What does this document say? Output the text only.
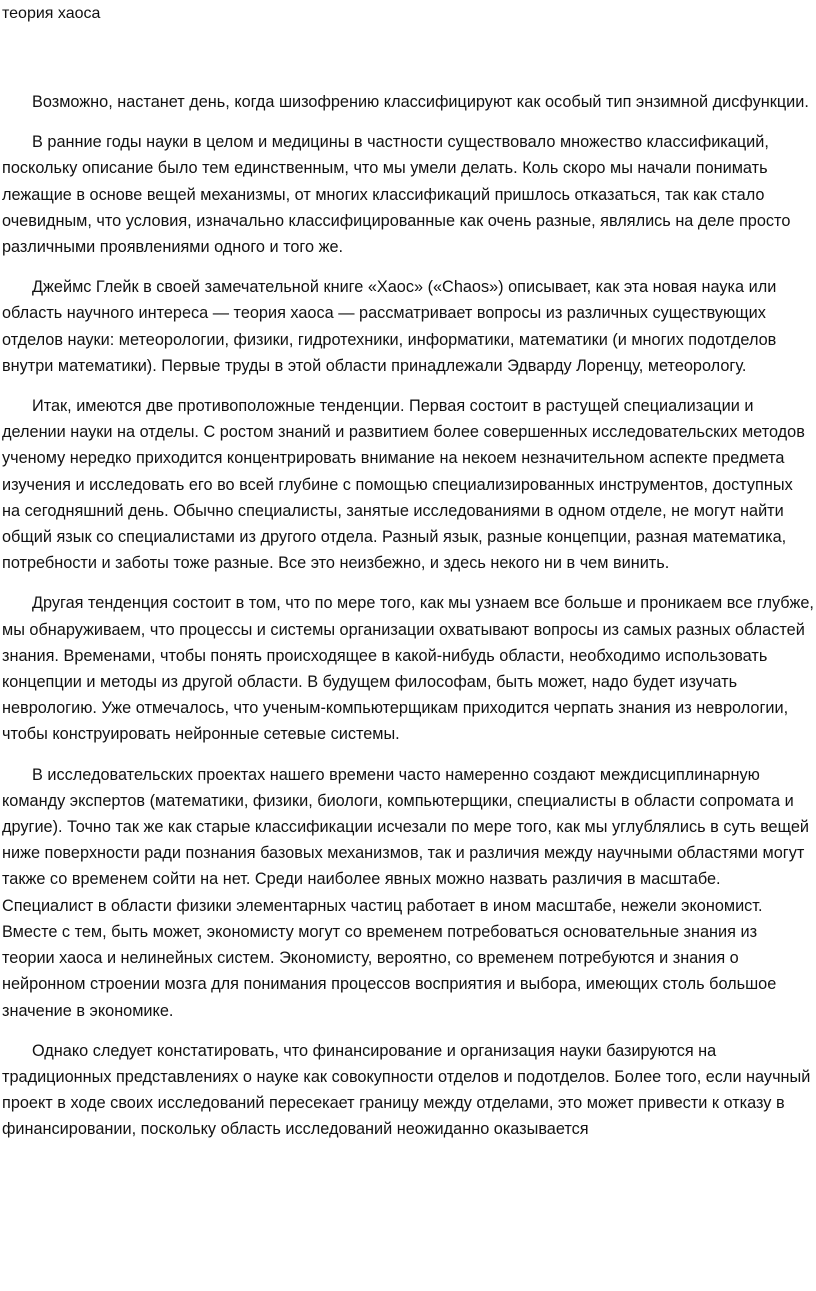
теория хаоса

Возможно, настанет день, когда шизофрению классифицируют как особый тип энзимной дисфункции.

В ранние годы науки в целом и медицины в частности существовало множество классификаций, поскольку описание было тем единственным, что мы умели делать. Коль скоро мы начали понимать лежащие в основе вещей механизмы, от многих классификаций пришлось отказаться, так как стало очевидным, что условия, изначально классифицированные как очень разные, являлись на деле просто различными проявлениями одного и того же.

Джеймс Глейк в своей замечательной книге «Хаос» («Chaos») описывает, как эта новая наука или область научного интереса — теория хаоса — рассматривает вопросы из различных существующих отделов науки: метеорологии, физики, гидротехники, информатики, математики (и многих подотделов внутри математики). Первые труды в этой области принадлежали Эдварду Лоренцу, метеорологу.

Итак, имеются две противоположные тенденции. Первая состоит в растущей специализации и делении науки на отделы. С ростом знаний и развитием более совершенных исследовательских методов ученому нередко приходится концентрировать внимание на некоем незначительном аспекте предмета изучения и исследовать его во всей глубине с помощью специализированных инструментов, доступных на сегодняшний день. Обычно специалисты, занятые исследованиями в одном отделе, не могут найти общий язык со специалистами из другого отдела. Разный язык, разные концепции, разная математика, потребности и заботы тоже разные. Все это неизбежно, и здесь некого ни в чем винить.

Другая тенденция состоит в том, что по мере того, как мы узнаем все больше и проникаем все глубже, мы обнаруживаем, что процессы и системы организации охватывают вопросы из самых разных областей знания. Временами, чтобы понять происходящее в какой-нибудь области, необходимо использовать концепции и методы из другой области. В будущем философам, быть может, надо будет изучать неврологию. Уже отмечалось, что ученым-компьютерщикам приходится черпать знания из неврологии, чтобы конструировать нейронные сетевые системы.

В исследовательских проектах нашего времени часто намеренно создают междисциплинарную команду экспертов (математики, физики, биологи, компьютерщики, специалисты в области сопромата и другие). Точно так же как старые классификации исчезали по мере того, как мы углублялись в суть вещей ниже поверхности ради познания базовых механизмов, так и различия между научными областями могут также со временем сойти на нет. Среди наиболее явных можно назвать различия в масштабе. Специалист в области физики элементарных частиц работает в ином масштабе, нежели экономист. Вместе с тем, быть может, экономисту могут со временем потребоваться основательные знания из теории хаоса и нелинейных систем. Экономисту, вероятно, со временем потребуются и знания о нейронном строении мозга для понимания процессов восприятия и выбора, имеющих столь большое значение в экономике.

Однако следует констатировать, что финансирование и организация науки базируются на традиционных представлениях о науке как совокупности отделов и подотделов. Более того, если научный проект в ходе своих исследований пересекает границу между отделами, это может привести к отказу в финансировании, поскольку область исследований неожиданно оказывается
